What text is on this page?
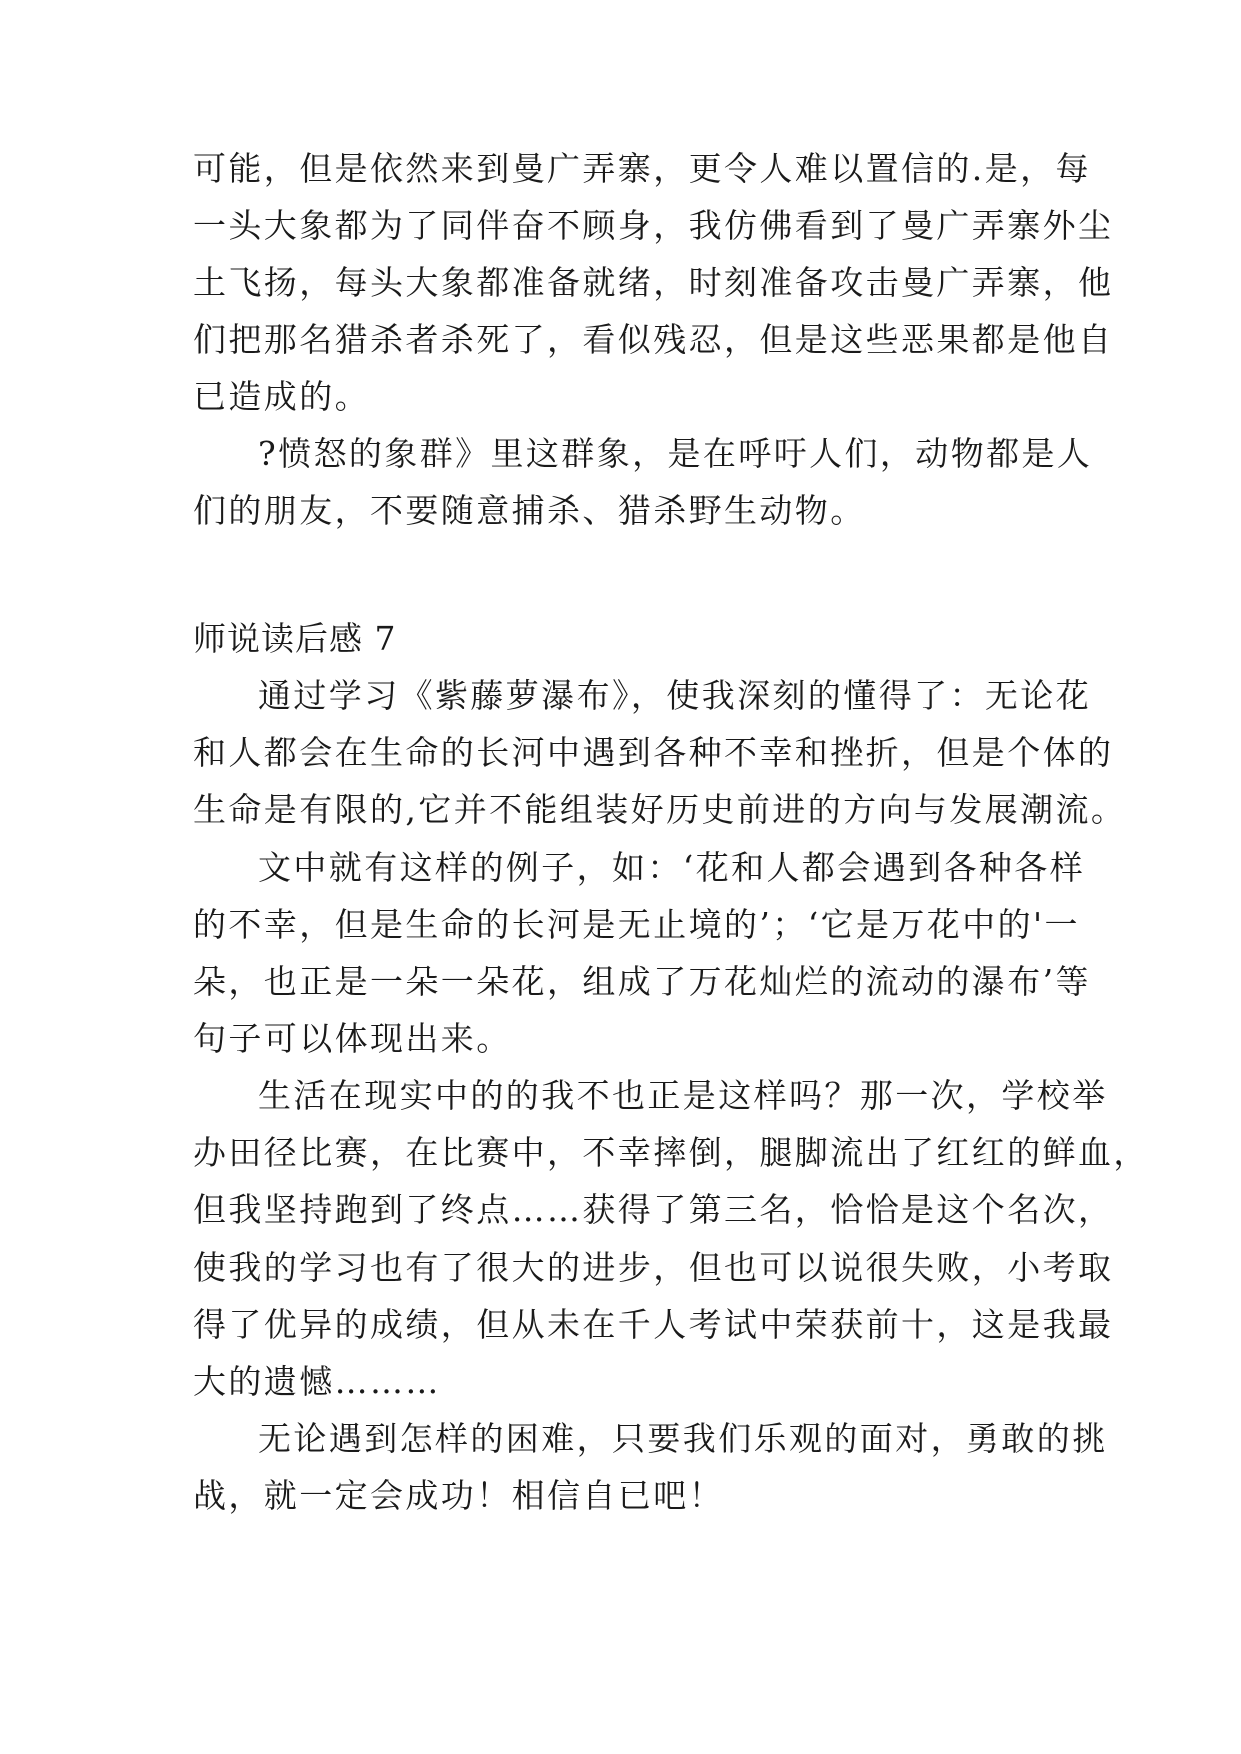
可能，但是依然来到曼广弄寨，更令人难以置信的.是，每
一头大象都为了同伴奋不顾身，我仿佛看到了曼广弄寨外尘
土飞扬，每头大象都准备就绪，时刻准备攻击曼广弄寨，他
们把那名猎杀者杀死了，看似残忍，但是这些恶果都是他自
已造成的。
?愤怒的象群》里这群象，是在呼吁人们，动物都是人
们的朋友，不要随意捕杀、猎杀野生动物。
师说读后感 7
通过学习《紫藤萝瀑布》，使我深刻的懂得了：无论花
和人都会在生命的长河中遇到各种不幸和挫折，但是个体的
生命是有限的,它并不能组装好历史前进的方向与发展潮流。
文中就有这样的例子，如：‘花和人都会遇到各种各样
的不幸，但是生命的长河是无止境的’；‘它是万花中的'一
朵，也正是一朵一朵花，组成了万花灿烂的流动的瀑布’等
句子可以体现出来。
生活在现实中的的我不也正是这样吗？那一次，学校举
办田径比赛，在比赛中，不幸摔倒，腿脚流出了红红的鲜血，
但我坚持跑到了终点……获得了第三名，恰恰是这个名次，
使我的学习也有了很大的进步，但也可以说很失败，小考取
得了优异的成绩，但从未在千人考试中荣获前十，这是我最
大的遗憾………
无论遇到怎样的困难，只要我们乐观的面对，勇敢的挑
战，就一定会成功！相信自已吧！
